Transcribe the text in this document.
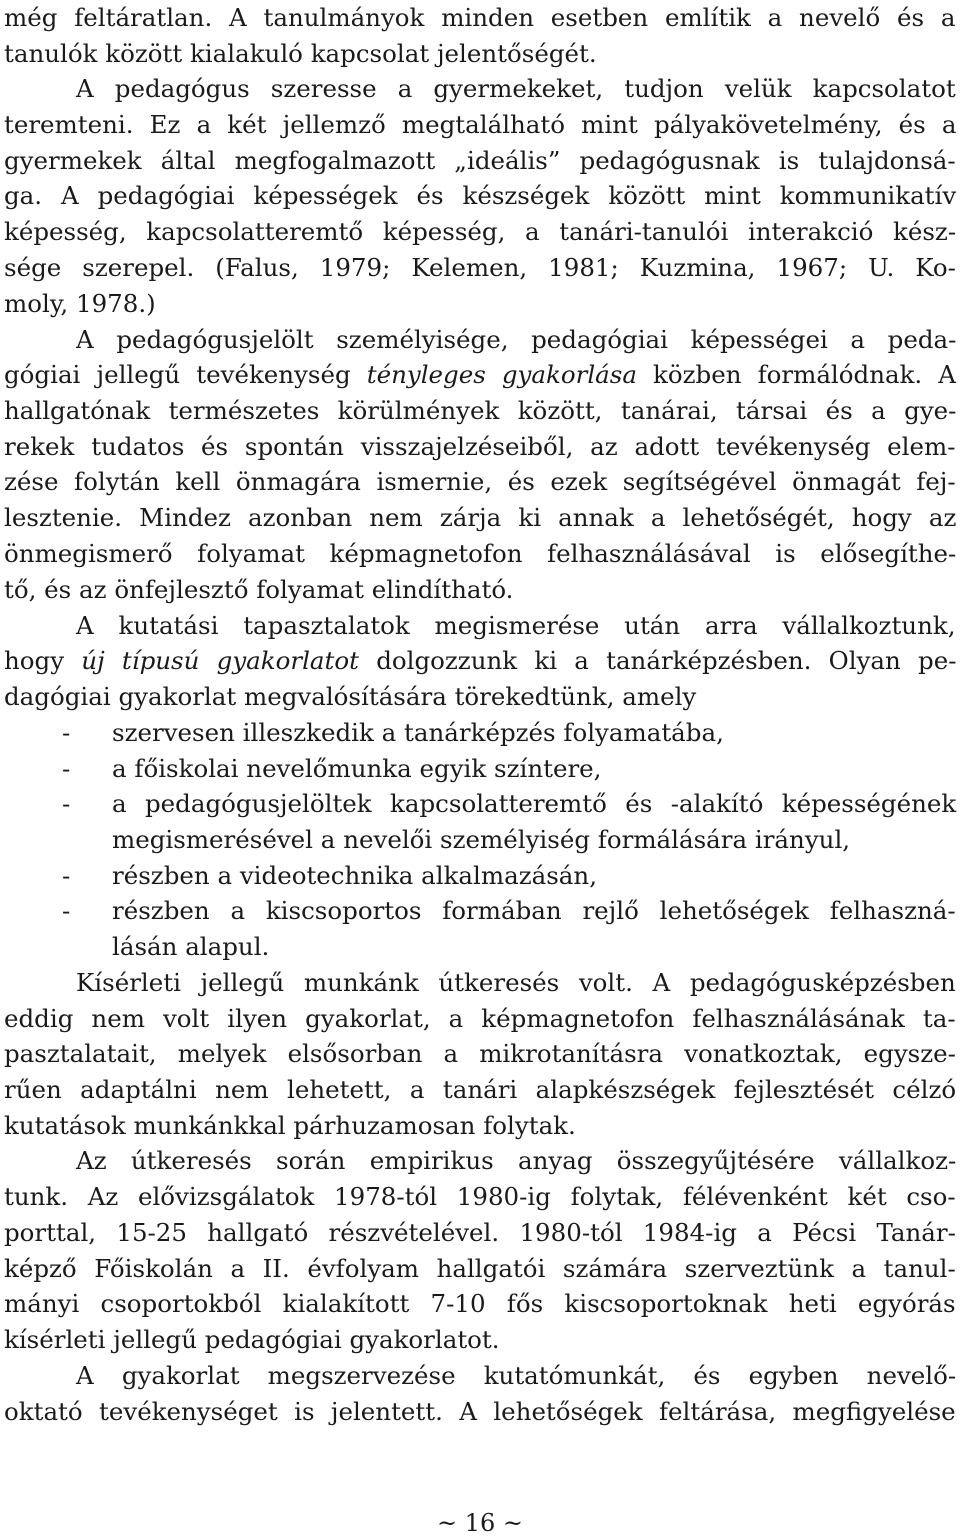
még feltáratlan. A tanulmányok minden esetben említik a nevelő és a
tanulók között kialakuló kapcsolat jelentőségét.
A pedagógus szeresse a gyermekeket, tudjon velük kapcsolatot
teremteni. Ez a két jellemző megtalálható mint pályakövetelmény, és a
gyermekek által megfogalmazott „ideális” pedagógusnak is tulajdonsá-
ga. A pedagógiai képességek és készségek között mint kommunikatív
képesség, kapcsolatteremtő képesség, a tanári-tanulói interakció kész-
sége szerepel. (Falus, 1979; Kelemen, 1981; Kuzmina, 1967; U. Ko-
moly, 1978.)
A pedagógusjelölt személyisége, pedagógiai képességei a peda-
gógiai jellegű tevékenység tényleges gyakorlása közben formálódnak. A
hallgatónak természetes körülmények között, tanárai, társai és a gye-
rekek tudatos és spontán visszajelzéseiből, az adott tevékenység elem-
zése folytán kell önmagára ismernie, és ezek segítségével önmagát fej-
lesztenie. Mindez azonban nem zárja ki annak a lehetőségét, hogy az
önmegismerő folyamat képmagnetofon felhasználásával is elősegíthe-
tő, és az önfejlesztő folyamat elindítható.
A kutatási tapasztalatok megismerése után arra vállalkoztunk,
hogy új típusú gyakorlatot dolgozzunk ki a tanárképzésben. Olyan pe-
dagógiai gyakorlat megvalósítására törekedtünk, amely
- szervesen illeszkedik a tanárképzés folyamatába,
- a főiskolai nevelőmunka egyik színtere,
- a pedagógusjelöltek kapcsolatteremtő és -alakító képességének
megismerésével a nevelői személyiség formálására irányul,
- részben a videotechnika alkalmazásán,
- részben a kiscsoportos formában rejlő lehetőségek felhaszná-
lásán alapul.
Kísérleti jellegű munkánk útkeresés volt. A pedagógusképzésben
eddig nem volt ilyen gyakorlat, a képmagnetofon felhasználásának ta-
pasztalatait, melyek elsősorban a mikrotanításra vonatkoztak, egysze-
rűen adaptálni nem lehetett, a tanári alapkészségek fejlesztését célzó
kutatások munkánkkal párhuzamosan folytak.
Az útkeresés során empirikus anyag összegyűjtésére vállalkoz-
tunk. Az elővizsgálatok 1978-tól 1980-ig folytak, félévenként két cso-
porttal, 15-25 hallgató részvételével. 1980-tól 1984-ig a Pécsi Tanár-
képző Főiskolán a II. évfolyam hallgatói számára szerveztünk a tanul-
mányi csoportokból kialakított 7-10 fős kiscsoportoknak heti egyórás
kísérleti jellegű pedagógiai gyakorlatot.
A gyakorlat megszervezése kutatómunkát, és egyben nevelő-
oktató tevékenységet is jelentett. A lehetőségek feltárása, megfigyelése
~ 16 ~
